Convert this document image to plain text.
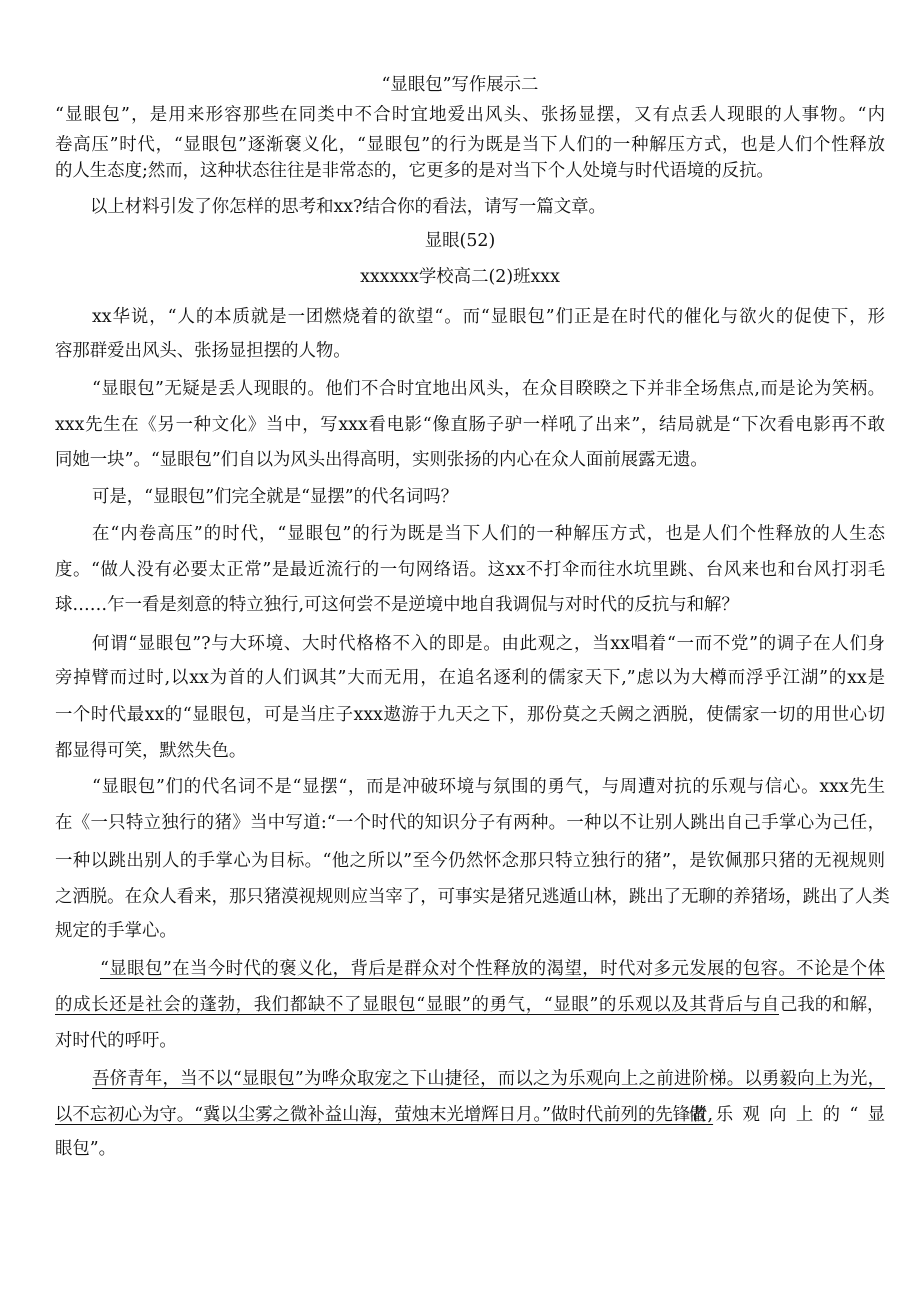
“显眼包”写作展示二
“显眼包”，是用来形容那些在同类中不合时宜地爱出风头、张扬显摆，又有点丢人现眼的人事物。“内
卷高压”时代，“显眼包”逐渐褒义化，“显眼包”的行为既是当下人们的一种解压方式，也是人们个性释放
的人生态度;然而，这种状态往往是非常态的，它更多的是对当下个人处境与时代语境的反抗。
以上材料引发了你怎样的思考和xx?结合你的看法，请写一篇文章。
显眼(52)
xxxxxx学校高二(2)班xxx
xx华说，“人的本质就是一团燃烧着的欲望“。而“显眼包”们正是在时代的催化与欲火的促使下，形
容那群爱出风头、张扬显担摆的人物。
“显眼包”无疑是丢人现眼的。他们不合时宜地出风头，在众目睽睽之下并非全场焦点,而是论为笑柄。
xxx先生在《另一种文化》当中，写xxx看电影“像直肠子驴一样吼了出来”，结局就是“下次看电影再不敢
同她一块”。“显眼包”们自以为风头出得高明，实则张扬的内心在众人面前展露无遗。
可是，“显眼包”们完全就是“显摆”的代名词吗？
在“内卷高压”的时代，“显眼包”的行为既是当下人们的一种解压方式，也是人们个性释放的人生态
度。“做人没有必要太正常”是最近流行的一句网络语。这xx不打伞而往水坑里跳、台风来也和台风打羽毛
球……乍一看是刻意的特立独行,可这何尝不是逆境中地自我调侃与对时代的反抗与和解？
何谓“显眼包”?与大环境、大时代格格不入的即是。由此观之，当xx唱着“一而不党”的调子在人们身
旁掉臂而过时,以xx为首的人们讽其”大而无用，在追名逐利的儒家天下,”虑以为大樽而浮乎江湖”的xx是
一个时代最xx的“显眼包，可是当庄子xxx遨游于九天之下，那份莫之夭阙之洒脱，使儒家一切的用世心切
都显得可笑，默然失色。
“显眼包”们的代名词不是“显摆“，而是冲破环境与氛围的勇气，与周遭对抗的乐观与信心。xxx先生
在《一只特立独行的猪》当中写道:“一个时代的知识分子有两种。一种以不让别人跳出自己手掌心为己任，
一种以跳出别人的手掌心为目标。“他之所以”至今仍然怀念那只特立独行的猪”，是钦佩那只猪的无视规则
之洒脱。在众人看来，那只猪漠视规则应当宰了，可事实是猪兄逃遁山林，跳出了无聊的养猪场，跳出了人类
规定的手掌心。
“显眼包”在当今时代的褒义化，背后是群众对个性释放的渴望，时代对多元发展的包容。不论是个体
的成长还是社会的蓬勃，我们都缺不了显眼包“显眼”的勇气，“显眼”的乐观以及其背后与自 己我的和解，
对时代的呼吁。
吾侪青年，当不以“显眼包”为哗众取宠之下山捷径，而以之为乐观向上之前进阶梯。以勇毅向上为光，
以不忘初心为守。“冀以尘雾之微补益山海，萤烛末光增辉日月。”做时代前列的先锋者,
做乐观向上的“显
眼包”。
